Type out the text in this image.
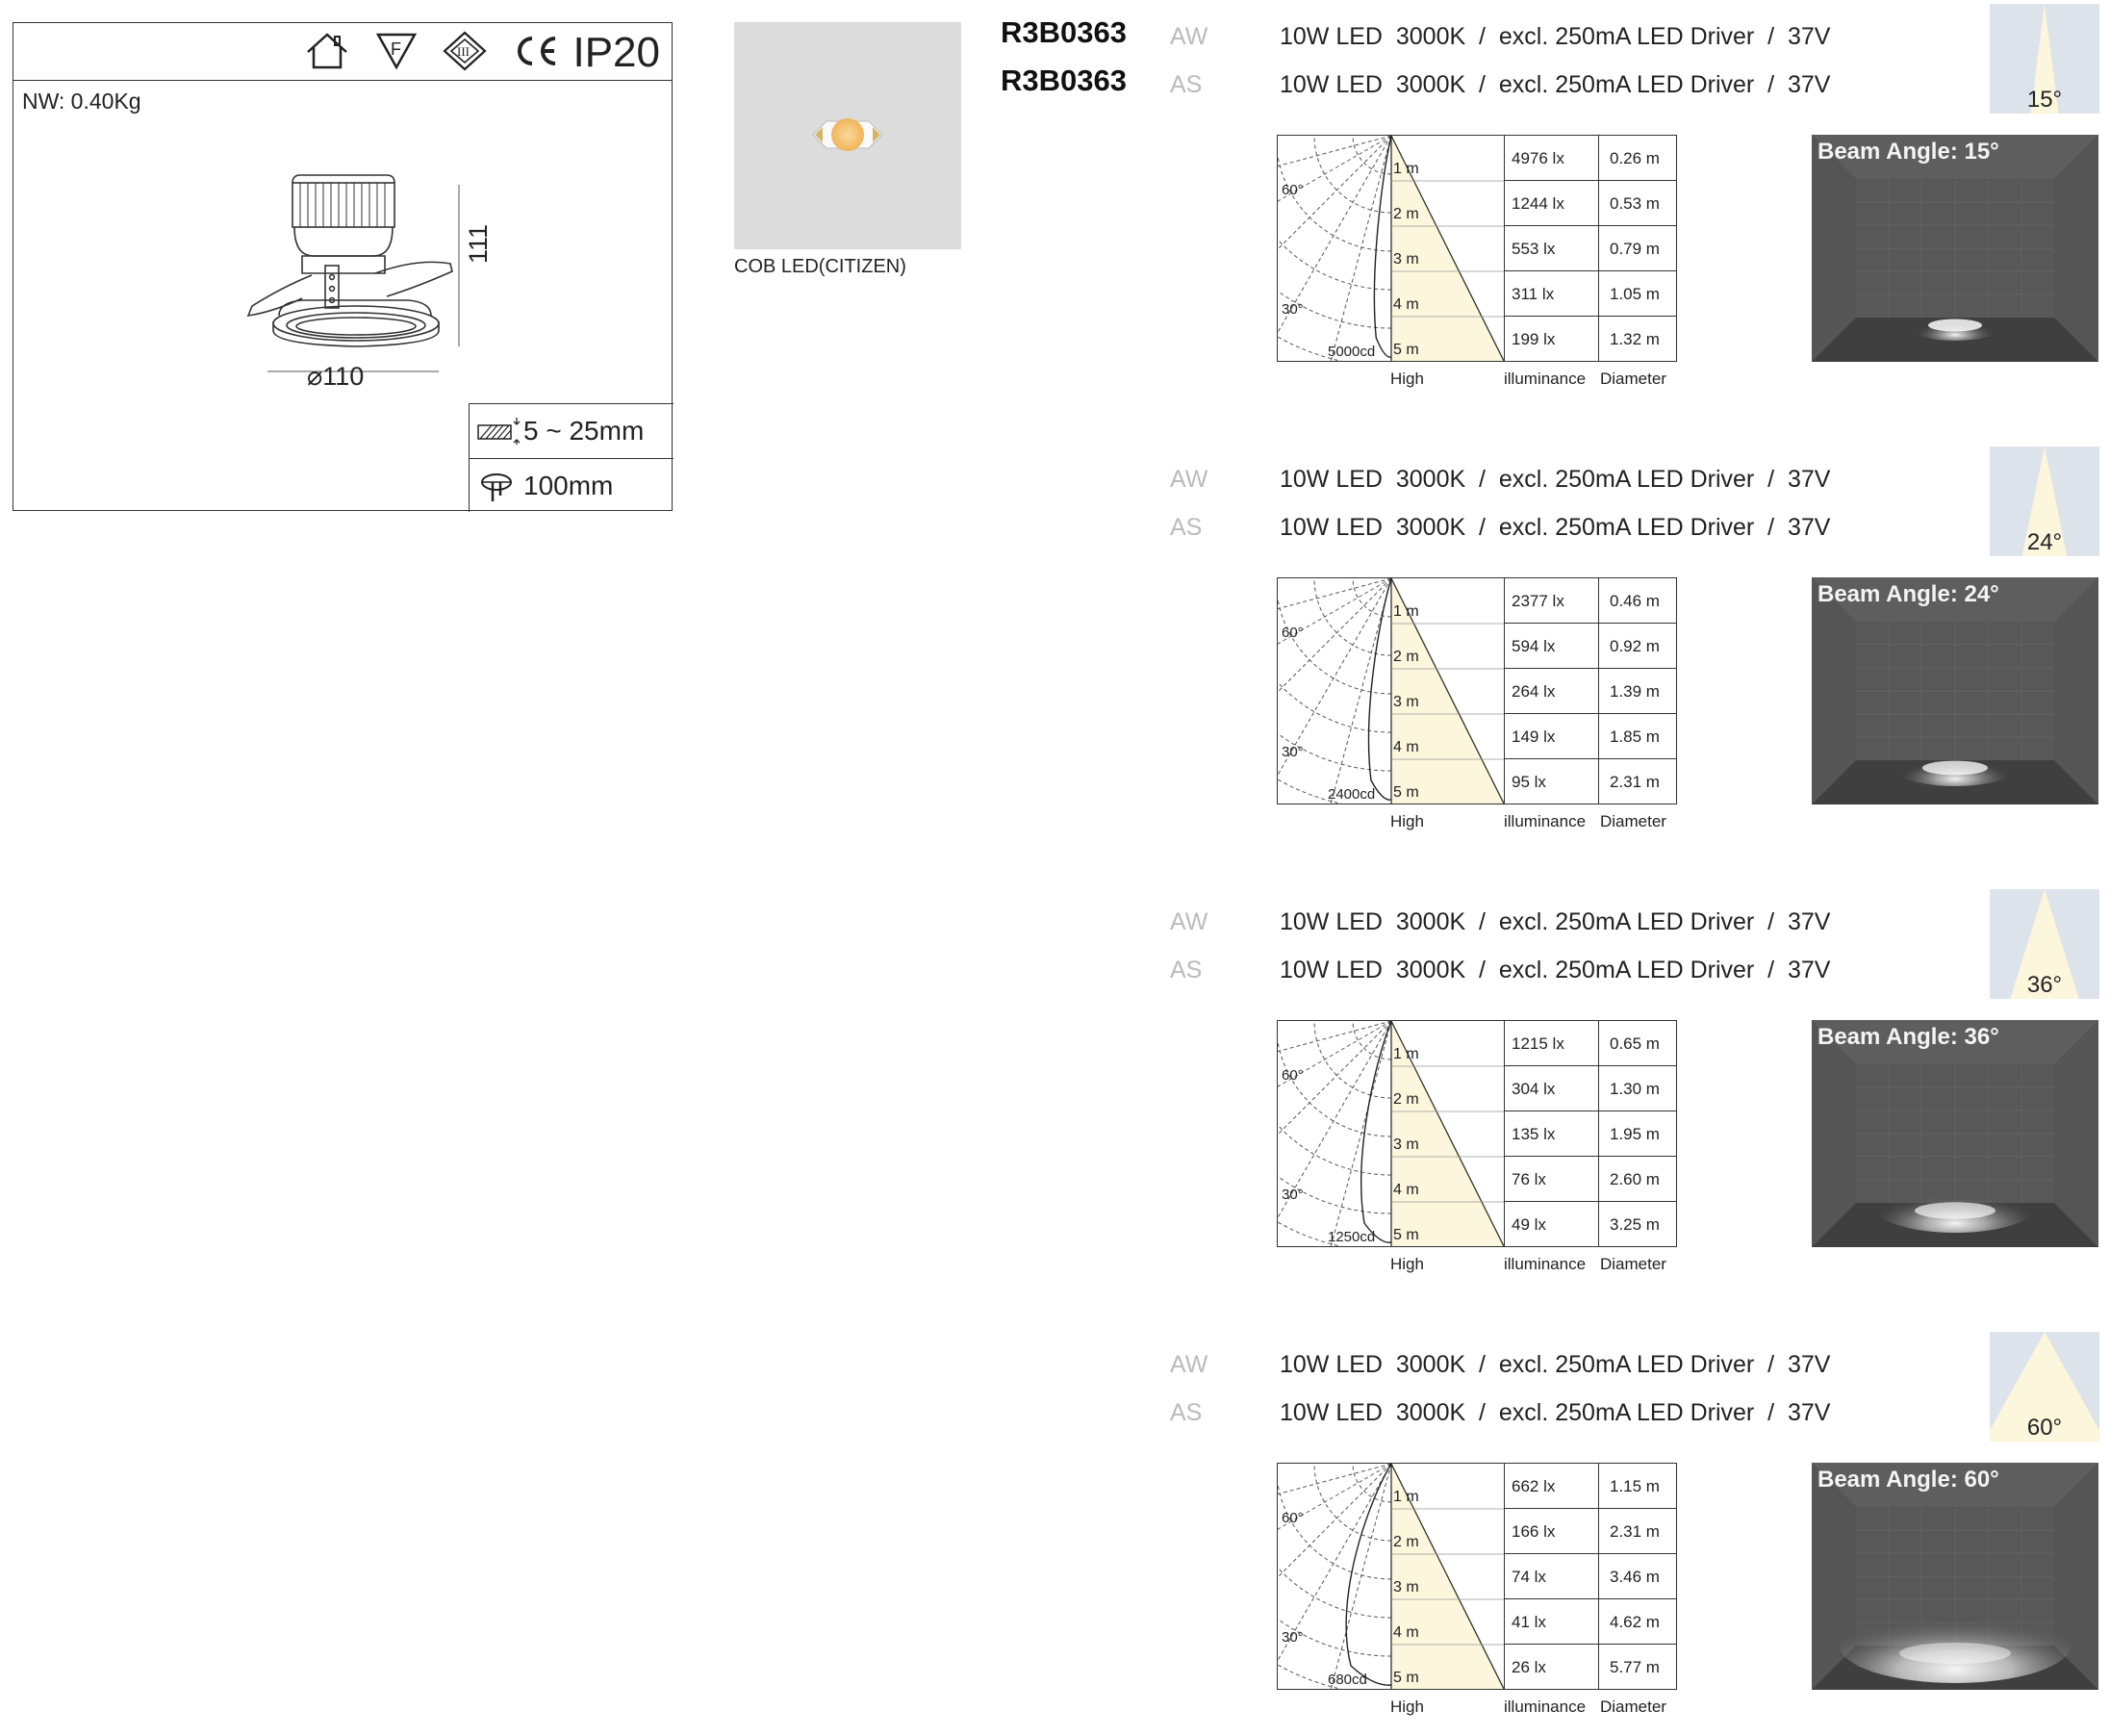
F	III IP20
NW: 0.40Kg
111
⌀110
5 ~ 25mm
100mm
COB LED(CITIZEN)
R3B0363 AW	10W LED  3000K  /  excl. 250mA LED Driver  /  37V
R3B0363 AS	10W LED  3000K  /  excl. 250mA LED Driver  /  37V
15°
60°
30°
5000cd
1 m
2 m
3 m
4 m
5 m
4976 lx	0.26 m
1244 lx	0.53 m
553 lx	0.79 m
311 lx	1.05 m
199 lx	1.32 m
High	illuminance Diameter
Beam Angle: 15°
AW	10W LED  3000K  /  excl. 250mA LED Driver  /  37V
AS	10W LED  3000K  /  excl. 250mA LED Driver  /  37V
24°
60°
30°
2400cd
1 m
2 m
3 m
4 m
5 m
2377 lx	0.46 m
594 lx	0.92 m
264 lx	1.39 m
149 lx	1.85 m
95 lx	2.31 m
High	illuminance Diameter
Beam Angle: 24°
AW	10W LED  3000K  /  excl. 250mA LED Driver  /  37V
AS	10W LED  3000K  /  excl. 250mA LED Driver  /  37V
36°
60°
30°
1250cd
1 m
2 m
3 m
4 m
5 m
1215 lx	0.65 m
304 lx	1.30 m
135 lx	1.95 m
76 lx	2.60 m
49 lx	3.25 m
High	illuminance Diameter
Beam Angle: 36°
AW	10W LED  3000K  /  excl. 250mA LED Driver  /  37V
AS	10W LED  3000K  /  excl. 250mA LED Driver  /  37V
60°
60°
30°
680cd
1 m
2 m
3 m
4 m
5 m
662 lx	1.15 m
166 lx	2.31 m
74 lx	3.46 m
41 lx	4.62 m
26 lx	5.77 m
High	illuminance Diameter
Beam Angle: 60°
